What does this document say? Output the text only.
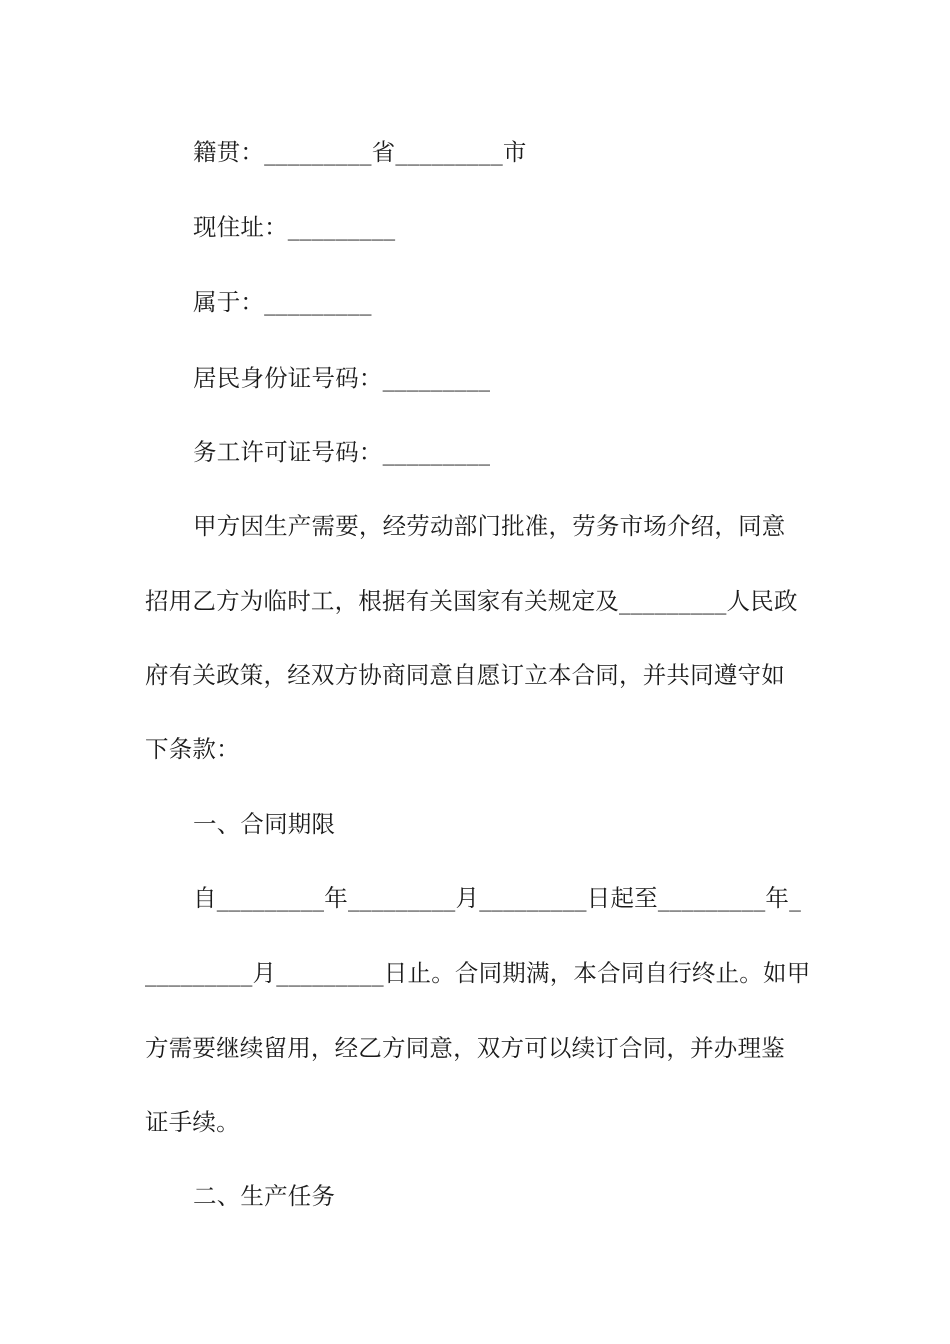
籍贯：_________省_________市
现住址：_________
属于：_________
居民身份证号码：_________
务工许可证号码：_________
甲方因生产需要，经劳动部门批准，劳务市场介绍，同意
招用乙方为临时工，根据有关国家有关规定及_________人民政
府有关政策，经双方协商同意自愿订立本合同，并共同遵守如
下条款：
一、合同期限
自_________年_________月_________日起至_________年_
_________月_________日止。合同期满，本合同自行终止。如甲
方需要继续留用，经乙方同意，双方可以续订合同，并办理鉴
证手续。
二、生产任务
